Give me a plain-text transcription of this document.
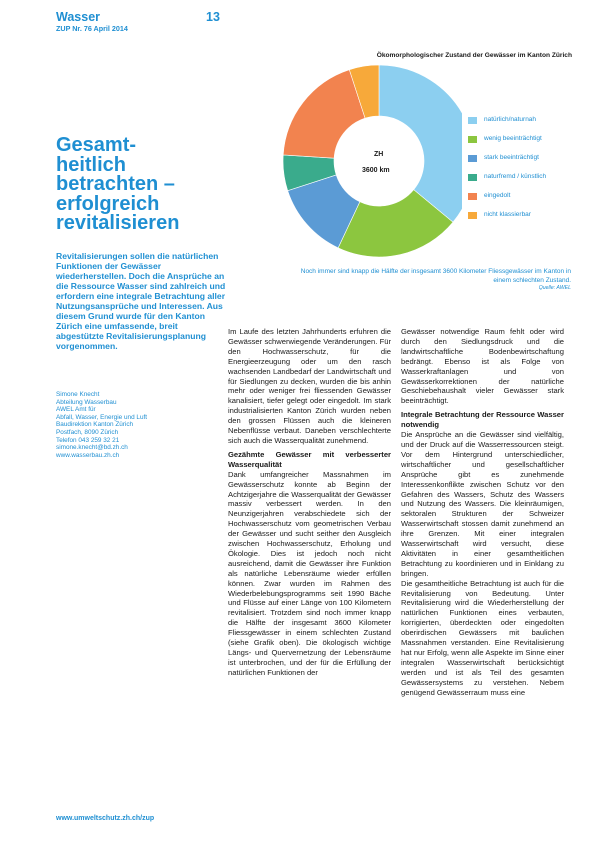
Wasser
ZUP Nr. 76 April 2014
13
Ökomorphologischer Zustand der Gewässer im Kanton Zürich
ZH
3600 km
natürlich/naturnah
wenig beeinträchtigt
stark beeinträchtigt
naturfremd / künstlich
eingedolt
nicht klassierbar
Noch immer sind knapp die Hälfte der insgesamt 3600 Kilometer Fliessgewässer im Kanton in einem schlechten Zustand.
Quelle: AWEL
Gesamt-
heitlich
betrachten –
erfolgreich
revitalisieren
Revitalisierungen sollen die natürlichen Funktionen der Gewässer wiederherstellen. Doch die Ansprüche an die Ressource Wasser sind zahlreich und erfordern eine integrale Betrachtung aller Nutzungsansprüche und Interessen. Aus diesem Grund wurde für den Kanton Zürich eine umfassende, breit abgestützte Revitalisierungsplanung vorgenommen.
Simone Knecht
Abteilung Wasserbau
AWEL Amt für
Abfall, Wasser, Energie und Luft
Baudirektion Kanton Zürich
Postfach, 8090 Zürich
Telefon 043 259 32 21
simone.knecht@bd.zh.ch
www.wasserbau.zh.ch

Im Laufe des letzten Jahrhunderts erfuhren die Gewässer schwerwiegende Veränderungen. Für den Hochwasserschutz, für die Energieerzeugung oder um den rasch wachsenden Landbedarf der Landwirtschaft und für Siedlungen zu decken, wurden die bis anhin mehr oder weniger frei fliessenden Gewässer kanalisiert, tiefer gelegt oder eingedolt. Im stark industrialisierten Kanton Zürich wurden neben den grossen Flüssen auch die kleineren Nebenflüsse verbaut. Daneben verschlechterte sich auch die Wasserqualität zunehmend.

Gezähmte Gewässer mit verbesserter Wasserqualität

Dank umfangreicher Massnahmen im Gewässerschutz konnte ab Beginn der Achtzigerjahre die Wasserqualität der Gewässer massiv verbessert werden. In den Neunzigerjahren verabschiedete sich der Hochwasserschutz vom geometrischen Verbau der Gewässer und sucht seither den Ausgleich zwischen Hochwasserschutz, Erholung und Ökologie. Dies ist jedoch noch nicht ausreichend, damit die Gewässer ihre Funktion als natürliche Lebensräume wieder erfüllen können. Zwar wurden im Rahmen des Wiederbelebungsprogramms seit 1990 Bäche und Flüsse auf einer Länge von 100 Kilometern revitalisiert. Trotzdem sind noch immer knapp die Hälfte der insgesamt 3600 Kilometer Fliessgewässer in einem schlechten Zustand (siehe Grafik oben). Die ökologisch wichtige Längs- und Quervernetzung der Lebensräume ist unterbrochen, und der für die Erfüllung der natürlichen Funktionen der

Gewässer notwendige Raum fehlt oder wird durch den Siedlungsdruck und die landwirtschaftliche Bodenbewirtschaftung bedrängt. Ebenso ist als Folge von Wasserkraftanlagen und von Gewässerkorrektionen der natürliche Geschiebehaushalt vieler Gewässer stark beeinträchtigt.

Integrale Betrachtung der Ressource Wasser notwendig

Die Ansprüche an die Gewässer sind vielfältig, und der Druck auf die Wasserressourcen steigt. Vor dem Hintergrund unterschiedlicher, wirtschaftlicher und gesellschaftlicher Ansprüche gibt es zunehmende Interessenkonflikte zwischen Schutz vor den Gefahren des Wassers, Schutz des Wassers und Nutzung des Wassers. Die kleinräumigen, sektoralen Strukturen der Schweizer Wasserwirtschaft stossen damit zunehmend an ihre Grenzen. Mit einer integralen Wasserwirtschaft wird versucht, diese Aktivitäten in einer gesamtheitlichen Betrachtung zu koordinieren und in Einklang zu bringen.

Die gesamtheitliche Betrachtung ist auch für die Revitalisierung von Bedeutung. Unter Revitalisierung wird die Wiederherstellung der natürlichen Funktionen eines verbauten, korrigierten, überdeckten oder eingedolten oberirdischen Gewässers mit baulichen Massnahmen verstanden. Eine Revitalisierung hat nur Erfolg, wenn alle Aspekte im Sinne einer integralen Wasserwirtschaft berücksichtigt werden und ist als Teil des gesamten Gewässersystems zu verstehen. Nebem genügend Gewässerraum muss eine

www.umweltschutz.zh.ch/zup
